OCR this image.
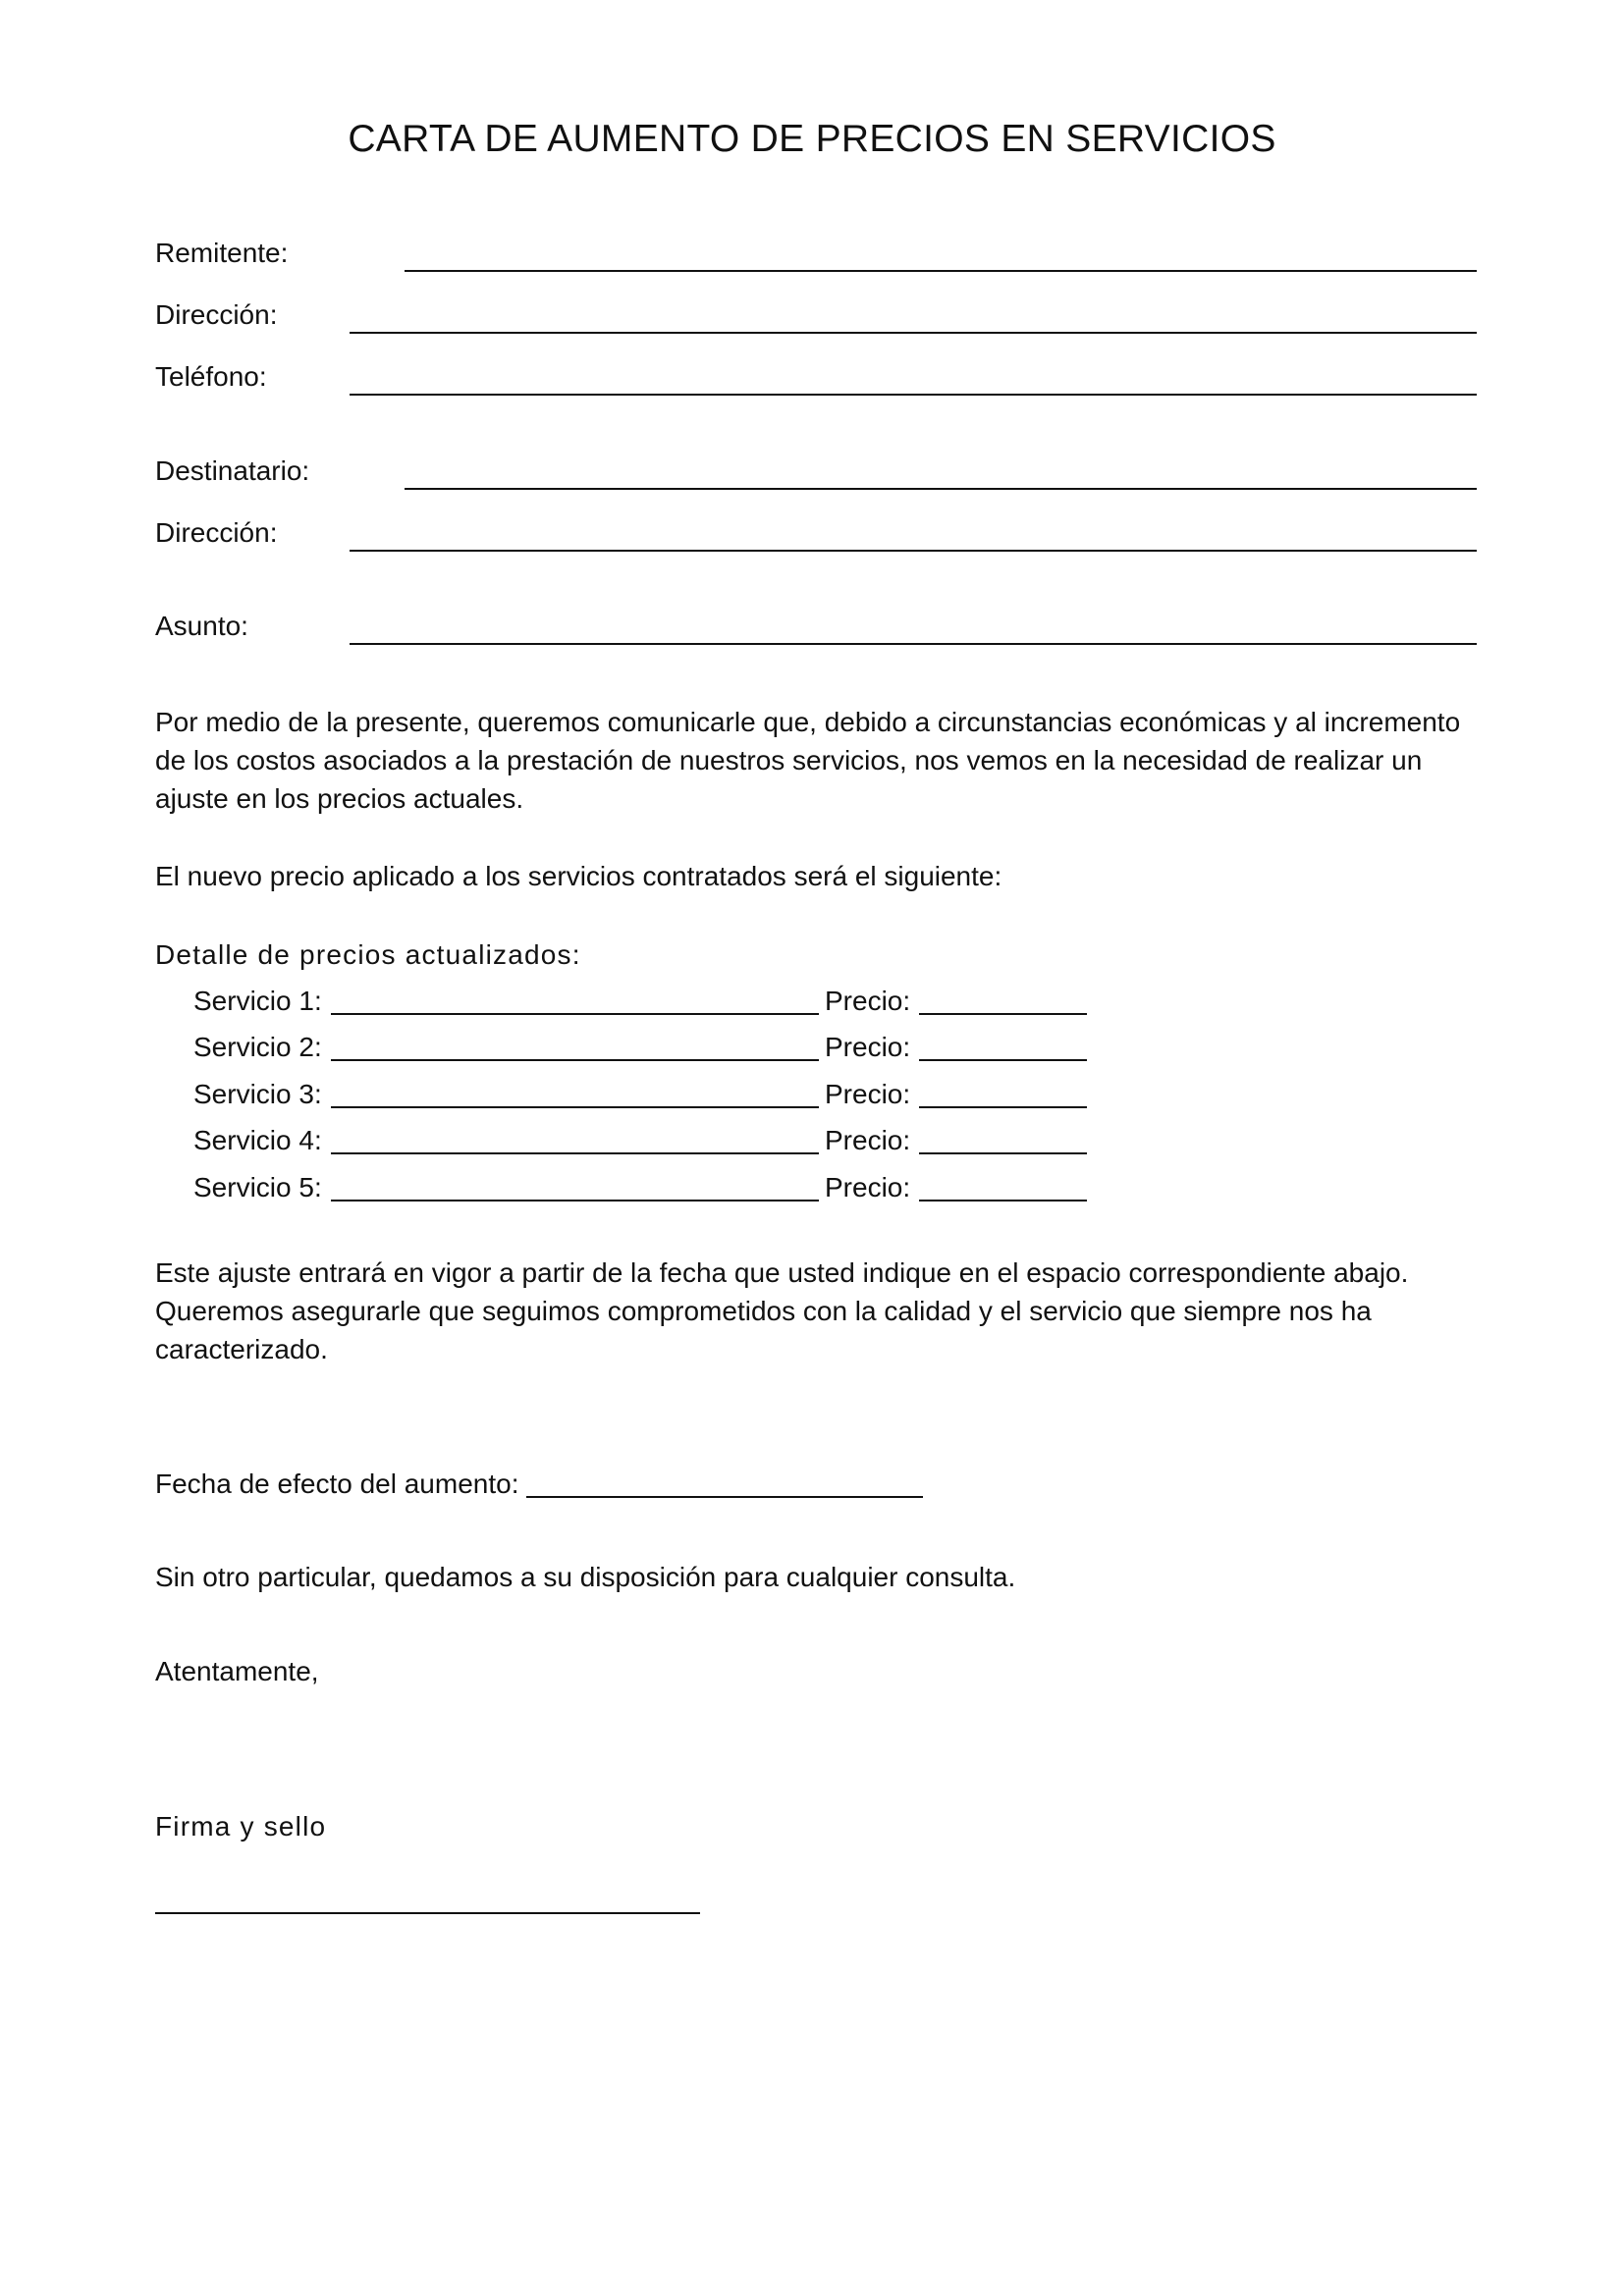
CARTA DE AUMENTO DE PRECIOS EN SERVICIOS
Remitente:
Dirección:
Teléfono:
Destinatario:
Dirección:
Asunto:
Por medio de la presente, queremos comunicarle que, debido a circunstancias económicas y al incremento
de los costos asociados a la prestación de nuestros servicios, nos vemos en la necesidad de realizar un
ajuste en los precios actuales.
El nuevo precio aplicado a los servicios contratados será el siguiente:
Detalle de precios actualizados:
Servicio 1:	Precio:
Servicio 2:	Precio:
Servicio 3:	Precio:
Servicio 4:	Precio:
Servicio 5:	Precio:
Este ajuste entrará en vigor a partir de la fecha que usted indique en el espacio correspondiente abajo.
Queremos asegurarle que seguimos comprometidos con la calidad y el servicio que siempre nos ha
caracterizado.
Fecha de efecto del aumento:
Sin otro particular, quedamos a su disposición para cualquier consulta.
Atentamente,
Firma y sello
